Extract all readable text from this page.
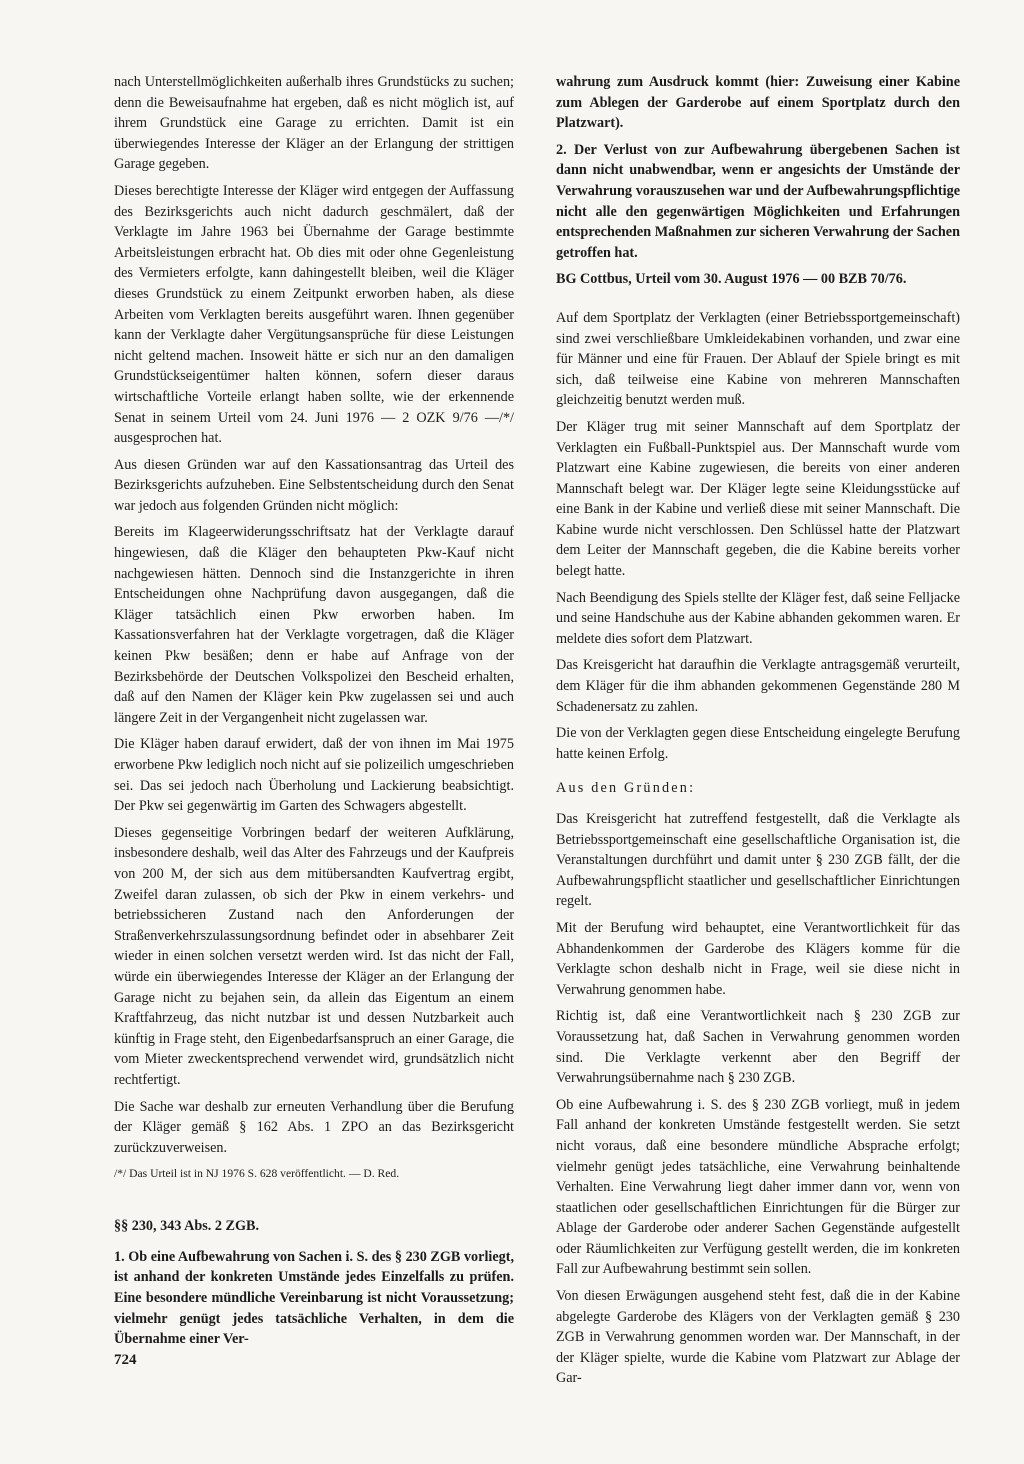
nach Unterstellmöglichkeiten außerhalb ihres Grundstücks zu suchen; denn die Beweisaufnahme hat ergeben, daß es nicht möglich ist, auf ihrem Grundstück eine Garage zu errichten. Damit ist ein überwiegendes Interesse der Kläger an der Erlangung der strittigen Garage gegeben.

Dieses berechtigte Interesse der Kläger wird entgegen der Auffassung des Bezirksgerichts auch nicht dadurch geschmälert, daß der Verklagte im Jahre 1963 bei Übernahme der Garage bestimmte Arbeitsleistungen erbracht hat. Ob dies mit oder ohne Gegenleistung des Vermieters erfolgte, kann dahingestellt bleiben, weil die Kläger dieses Grundstück zu einem Zeitpunkt erworben haben, als diese Arbeiten vom Verklagten bereits ausgeführt waren. Ihnen gegenüber kann der Verklagte daher Vergütungsansprüche für diese Leistungen nicht geltend machen. Insoweit hätte er sich nur an den damaligen Grundstückseigentümer halten können, sofern dieser daraus wirtschaftliche Vorteile erlangt haben sollte, wie der erkennende Senat in seinem Urteil vom 24. Juni 1976 — 2 OZK 9/76 —/*/ ausgesprochen hat.

Aus diesen Gründen war auf den Kassationsantrag das Urteil des Bezirksgerichts aufzuheben. Eine Selbstentscheidung durch den Senat war jedoch aus folgenden Gründen nicht möglich:

Bereits im Klageerwiderungsschriftsatz hat der Verklagte darauf hingewiesen, daß die Kläger den behaupteten Pkw-Kauf nicht nachgewiesen hätten. Dennoch sind die Instanzgerichte in ihren Entscheidungen ohne Nachprüfung davon ausgegangen, daß die Kläger tatsächlich einen Pkw erworben haben. Im Kassationsverfahren hat der Verklagte vorgetragen, daß die Kläger keinen Pkw besäßen; denn er habe auf Anfrage von der Bezirksbehörde der Deutschen Volkspolizei den Bescheid erhalten, daß auf den Namen der Kläger kein Pkw zugelassen sei und auch längere Zeit in der Vergangenheit nicht zugelassen war.

Die Kläger haben darauf erwidert, daß der von ihnen im Mai 1975 erworbene Pkw lediglich noch nicht auf sie polizeilich umgeschrieben sei. Das sei jedoch nach Überholung und Lackierung beabsichtigt. Der Pkw sei gegenwärtig im Garten des Schwagers abgestellt.

Dieses gegenseitige Vorbringen bedarf der weiteren Aufklärung, insbesondere deshalb, weil das Alter des Fahrzeugs und der Kaufpreis von 200 M, der sich aus dem mitübersandten Kaufvertrag ergibt, Zweifel daran zulassen, ob sich der Pkw in einem verkehrs- und betriebssicheren Zustand nach den Anforderungen der Straßenverkehrszulassungsordnung befindet oder in absehbarer Zeit wieder in einen solchen versetzt werden wird. Ist das nicht der Fall, würde ein überwiegendes Interesse der Kläger an der Erlangung der Garage nicht zu bejahen sein, da allein das Eigentum an einem Kraftfahrzeug, das nicht nutzbar ist und dessen Nutzbarkeit auch künftig in Frage steht, den Eigenbedarfsanspruch an einer Garage, die vom Mieter zweckentsprechend verwendet wird, grundsätzlich nicht rechtfertigt.

Die Sache war deshalb zur erneuten Verhandlung über die Berufung der Kläger gemäß § 162 Abs. 1 ZPO an das Bezirksgericht zurückzuverweisen.

/*/ Das Urteil ist in NJ 1976 S. 628 veröffentlicht. — D. Red.

§§ 230, 343 Abs. 2 ZGB.

1. Ob eine Aufbewahrung von Sachen i. S. des § 230 ZGB vorliegt, ist anhand der konkreten Umstände jedes Einzelfalls zu prüfen. Eine besondere mündliche Vereinbarung ist nicht Voraussetzung; vielmehr genügt jedes tatsächliche Verhalten, in dem die Übernahme einer Ver-

wahrung zum Ausdruck kommt (hier: Zuweisung einer Kabine zum Ablegen der Garderobe auf einem Sportplatz durch den Platzwart).

2. Der Verlust von zur Aufbewahrung übergebenen Sachen ist dann nicht unabwendbar, wenn er angesichts der Umstände der Verwahrung vorauszusehen war und der Aufbewahrungspflichtige nicht alle den gegenwärtigen Möglichkeiten und Erfahrungen entsprechenden Maßnahmen zur sicheren Verwahrung der Sachen getroffen hat.

BG Cottbus, Urteil vom 30. August 1976 — 00 BZB 70/76.

Auf dem Sportplatz der Verklagten (einer Betriebssportgemeinschaft) sind zwei verschließbare Umkleidekabinen vorhanden, und zwar eine für Männer und eine für Frauen. Der Ablauf der Spiele bringt es mit sich, daß teilweise eine Kabine von mehreren Mannschaften gleichzeitig benutzt werden muß.

Der Kläger trug mit seiner Mannschaft auf dem Sportplatz der Verklagten ein Fußball-Punktspiel aus. Der Mannschaft wurde vom Platzwart eine Kabine zugewiesen, die bereits von einer anderen Mannschaft belegt war. Der Kläger legte seine Kleidungsstücke auf eine Bank in der Kabine und verließ diese mit seiner Mannschaft. Die Kabine wurde nicht verschlossen. Den Schlüssel hatte der Platzwart dem Leiter der Mannschaft gegeben, die die Kabine bereits vorher belegt hatte.

Nach Beendigung des Spiels stellte der Kläger fest, daß seine Felljacke und seine Handschuhe aus der Kabine abhanden gekommen waren. Er meldete dies sofort dem Platzwart.

Das Kreisgericht hat daraufhin die Verklagte antragsgemäß verurteilt, dem Kläger für die ihm abhanden gekommenen Gegenstände 280 M Schadenersatz zu zahlen.

Die von der Verklagten gegen diese Entscheidung eingelegte Berufung hatte keinen Erfolg.

Aus den Gründen:

Das Kreisgericht hat zutreffend festgestellt, daß die Verklagte als Betriebssportgemeinschaft eine gesellschaftliche Organisation ist, die Veranstaltungen durchführt und damit unter § 230 ZGB fällt, der die Aufbewahrungspflicht staatlicher und gesellschaftlicher Einrichtungen regelt.

Mit der Berufung wird behauptet, eine Verantwortlichkeit für das Abhandenkommen der Garderobe des Klägers komme für die Verklagte schon deshalb nicht in Frage, weil sie diese nicht in Verwahrung genommen habe.

Richtig ist, daß eine Verantwortlichkeit nach § 230 ZGB zur Voraussetzung hat, daß Sachen in Verwahrung genommen worden sind. Die Verklagte verkennt aber den Begriff der Verwahrungsübernahme nach § 230 ZGB.

Ob eine Aufbewahrung i. S. des § 230 ZGB vorliegt, muß in jedem Fall anhand der konkreten Umstände festgestellt werden. Sie setzt nicht voraus, daß eine besondere mündliche Absprache erfolgt; vielmehr genügt jedes tatsächliche, eine Verwahrung beinhaltende Verhalten. Eine Verwahrung liegt daher immer dann vor, wenn von staatlichen oder gesellschaftlichen Einrichtungen für die Bürger zur Ablage der Garderobe oder anderer Sachen Gegenstände aufgestellt oder Räumlichkeiten zur Verfügung gestellt werden, die im konkreten Fall zur Aufbewahrung bestimmt sein sollen.

Von diesen Erwägungen ausgehend steht fest, daß die in der Kabine abgelegte Garderobe des Klägers von der Verklagten gemäß § 230 ZGB in Verwahrung genommen worden war. Der Mannschaft, in der der Kläger spielte, wurde die Kabine vom Platzwart zur Ablage der Gar-

724
